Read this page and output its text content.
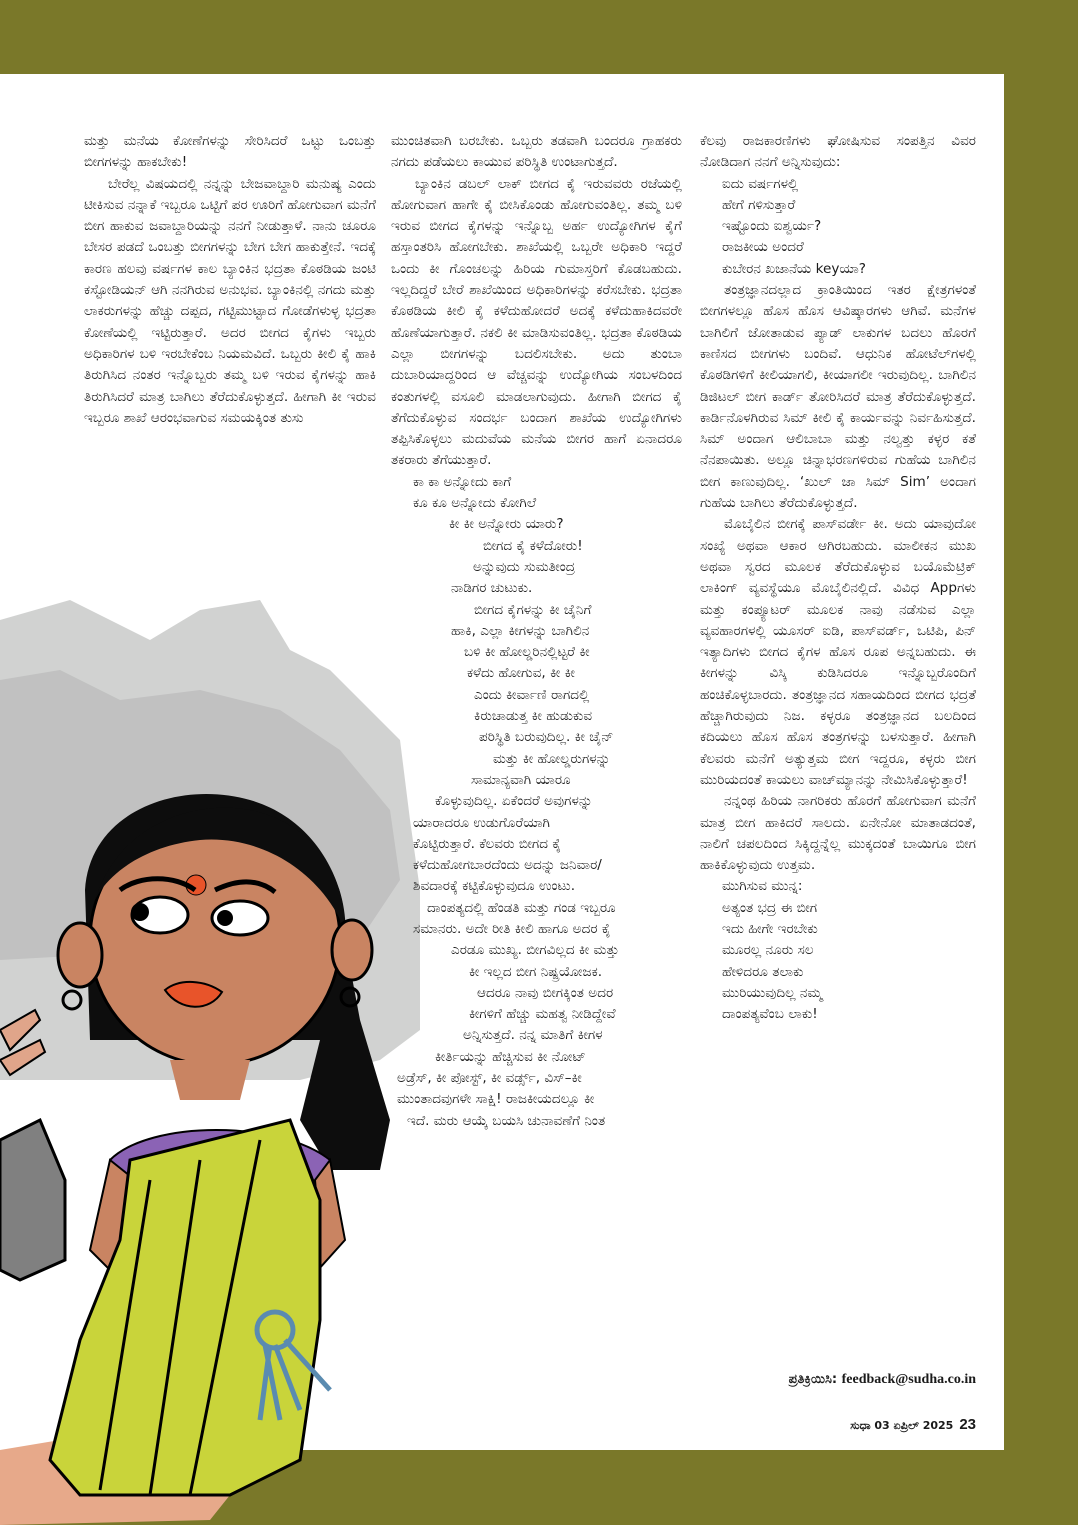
ಮತ್ತು ಮನೆಯ ಕೋಣೆಗಳನ್ನು ಸೇರಿಸಿದರೆ ಒಟ್ಟು ಒಂಬತ್ತು ಬೀಗಗಳನ್ನು ಹಾಕಬೇಕು!

ಬೇರೆಲ್ಲ ವಿಷಯದಲ್ಲಿ ನನ್ನನ್ನು ಬೇಜವಾಬ್ದಾರಿ ಮನುಷ್ಯ ಎಂದು ಟೀಕಿಸುವ ನನ್ನಾಕೆ ಇಬ್ಬರೂ ಒಟ್ಟಿಗೆ ಪರ ಊರಿಗೆ ಹೋಗುವಾಗ ಮನೆಗೆ ಬೀಗ ಹಾಕುವ ಜವಾಬ್ದಾರಿಯನ್ನು ನನಗೆ ನೀಡುತ್ತಾಳೆ. ನಾನು ಚೂರೂ ಬೇಸರ ಪಡದೆ ಒಂಬತ್ತು ಬೀಗಗಳನ್ನು ಬೇಗ ಬೇಗ ಹಾಕುತ್ತೇನೆ. ಇದಕ್ಕೆ ಕಾರಣ ಹಲವು ವರ್ಷಗಳ ಕಾಲ ಬ್ಯಾಂಕಿನ ಭದ್ರತಾ ಕೊಠಡಿಯ ಜಂಟಿ ಕಸ್ಟೋಡಿಯನ್ ಆಗಿ ನನಗಿರುವ ಅನುಭವ. ಬ್ಯಾಂಕಿನಲ್ಲಿ ನಗದು ಮತ್ತು ಲಾಕರುಗಳನ್ನು ಹೆಚ್ಚು ದಪ್ಪದ, ಗಟ್ಟಿಮುಟ್ಟಾದ ಗೋಡೆಗಳುಳ್ಳ ಭದ್ರತಾ ಕೋಣೆಯಲ್ಲಿ ಇಟ್ಟಿರುತ್ತಾರೆ. ಅದರ ಬೀಗದ ಕೈಗಳು ಇಬ್ಬರು ಅಧಿಕಾರಿಗಳ ಬಳಿ ಇರಬೇಕೆಂಬ ನಿಯಮವಿದೆ. ಒಬ್ಬರು ಕೀಲಿ ಕೈ ಹಾಕಿ ತಿರುಗಿಸಿದ ನಂತರ ಇನ್ನೊಬ್ಬರು ತಮ್ಮ ಬಳಿ ಇರುವ ಕೈಗಳನ್ನು ಹಾಕಿ ತಿರುಗಿಸಿದರೆ ಮಾತ್ರ ಬಾಗಿಲು ತೆರೆದುಕೊಳ್ಳುತ್ತದೆ. ಹೀಗಾಗಿ ಕೀ ಇರುವ ಇಬ್ಬರೂ ಶಾಖೆ ಆರಂಭವಾಗುವ ಸಮಯಕ್ಕಿಂತ ತುಸು

ಮುಂಚಿತವಾಗಿ ಬರಬೇಕು. ಒಬ್ಬರು ತಡವಾಗಿ ಬಂದರೂ ಗ್ರಾಹಕರು ನಗದು ಪಡೆಯಲು ಕಾಯುವ ಪರಿಸ್ಥಿತಿ ಉಂಟಾಗುತ್ತದೆ.

ಬ್ಯಾಂಕಿನ ಡಬಲ್ ಲಾಕ್ ಬೀಗದ ಕೈ ಇರುವವರು ರಜೆಯಲ್ಲಿ ಹೋಗುವಾಗ ಹಾಗೇ ಕೈ ಬೀಸಿಕೊಂಡು ಹೋಗುವಂತಿಲ್ಲ. ತಮ್ಮ ಬಳಿ ಇರುವ ಬೀಗದ ಕೈಗಳನ್ನು ಇನ್ನೊಬ್ಬ ಅರ್ಹ ಉದ್ಯೋಗಿಗಳ ಕೈಗೆ ಹಸ್ತಾಂತರಿಸಿ ಹೋಗಬೇಕು. ಶಾಖೆಯಲ್ಲಿ ಒಬ್ಬರೇ ಅಧಿಕಾರಿ ಇದ್ದರೆ ಒಂದು ಕೀ ಗೊಂಚಲನ್ನು ಹಿರಿಯ ಗುಮಾಸ್ತರಿಗೆ ಕೊಡಬಹುದು. ಇಲ್ಲದಿದ್ದರೆ ಬೇರೆ ಶಾಖೆಯಿಂದ ಅಧಿಕಾರಿಗಳನ್ನು ಕರೆಸಬೇಕು. ಭದ್ರತಾ ಕೊಠಡಿಯ ಕೀಲಿ ಕೈ ಕಳೆದುಹೋದರೆ ಅದಕ್ಕೆ ಕಳೆದುಹಾಕಿದವರೇ ಹೊಣೆಯಾಗುತ್ತಾರೆ. ನಕಲಿ ಕೀ ಮಾಡಿಸುವಂತಿಲ್ಲ. ಭದ್ರತಾ ಕೊಠಡಿಯ ಎಲ್ಲಾ ಬೀಗಗಳನ್ನು ಬದಲಿಸಬೇಕು. ಅದು ತುಂಬಾ ದುಬಾರಿಯಾದ್ದರಿಂದ ಆ ವೆಚ್ಚವನ್ನು ಉದ್ಯೋಗಿಯ ಸಂಬಳದಿಂದ ಕಂತುಗಳಲ್ಲಿ ವಸೂಲಿ ಮಾಡಲಾಗುವುದು. ಹೀಗಾಗಿ ಬೀಗದ ಕೈ ತೆಗೆದುಕೊಳ್ಳುವ ಸಂದರ್ಭ ಬಂದಾಗ ಶಾಖೆಯ ಉದ್ಯೋಗಿಗಳು ತಪ್ಪಿಸಿಕೊಳ್ಳಲು ಮದುವೆಯ ಮನೆಯ ಬೀಗರ ಹಾಗೆ ಏನಾದರೂ ತಕರಾರು ತೆಗೆಯುತ್ತಾರೆ.

ಕಾ ಕಾ ಅನ್ನೋದು ಕಾಗೆ
ಕೂ ಕೂ ಅನ್ನೋದು ಕೋಗಿಲೆ
ಕೀ ಕೀ ಅನ್ನೋರು ಯಾರು?
ಬೀಗದ ಕೈ ಕಳೆದೋರು!
ಅನ್ನುವುದು ಸುಮತೀಂದ್ರ
ನಾಡಿಗರ ಚುಟುಕು.
ಬೀಗದ ಕೈಗಳನ್ನು ಕೀ ಚೈನಿಗೆ
ಹಾಕಿ, ಎಲ್ಲಾ ಕೀಗಳನ್ನು ಬಾಗಿಲಿನ
ಬಳಿ ಕೀ ಹೋಲ್ಡರಿನಲ್ಲಿಟ್ಟರೆ ಕೀ
ಕಳೆದು ಹೋಗುವ, ಕೀ ಕೀ
ಎಂದು ಕೀರ್ವಾಣಿ ರಾಗದಲ್ಲಿ
ಕಿರುಚಾಡುತ್ತ ಕೀ ಹುಡುಕುವ
ಪರಿಸ್ಥಿತಿ ಬರುವುದಿಲ್ಲ. ಕೀ ಚೈನ್
ಮತ್ತು ಕೀ ಹೋಲ್ಡರುಗಳನ್ನು
ಸಾಮಾನ್ಯವಾಗಿ ಯಾರೂ
ಕೊಳ್ಳುವುದಿಲ್ಲ. ಏಕೆಂದರೆ ಅವುಗಳನ್ನು
ಯಾರಾದರೂ ಉಡುಗೊರೆಯಾಗಿ
ಕೊಟ್ಟಿರುತ್ತಾರೆ. ಕೆಲವರು ಬೀಗದ ಕೈ
ಕಳೆದುಹೋಗಬಾರದೆಂದು ಅದನ್ನು ಜನಿವಾರ/
ಶಿವದಾರಕ್ಕೆ ಕಟ್ಟಿಕೊಳ್ಳುವುದೂ ಉಂಟು.
ದಾಂಪತ್ಯದಲ್ಲಿ ಹೆಂಡತಿ ಮತ್ತು ಗಂಡ ಇಬ್ಬರೂ
ಸಮಾನರು. ಅದೇ ರೀತಿ ಕೀಲಿ ಹಾಗೂ ಅದರ ಕೈ
ಎರಡೂ ಮುಖ್ಯ. ಬೀಗವಿಲ್ಲದ ಕೀ ಮತ್ತು
ಕೀ ಇಲ್ಲದ ಬೀಗ ನಿಷ್ಪ್ರಯೋಜಕ.
ಆದರೂ ನಾವು ಬೀಗಕ್ಕಿಂತ ಅದರ
ಕೀಗಳಿಗೆ ಹೆಚ್ಚು ಮಹತ್ವ ನೀಡಿದ್ದೇವೆ
ಅನ್ನಿಸುತ್ತದೆ. ನನ್ನ ಮಾತಿಗೆ ಕೀಗಳ
ಕೀರ್ತಿಯನ್ನು ಹೆಚ್ಚಿಸುವ ಕೀ ನೋಟ್
ಅಡ್ರೆಸ್, ಕೀ ಪೋಸ್ಟ್, ಕೀ ವರ್ಡ್ಸ್, ವಿಸ್–ಕೀ
ಮುಂತಾದವುಗಳೇ ಸಾಕ್ಷಿ! ರಾಜಕೀಯದಲ್ಲೂ ಕೀ
ಇದೆ. ಮರು ಆಯ್ಕೆ ಬಯಸಿ ಚುನಾವಣೆಗೆ ನಿಂತ

ಕೆಲವು ರಾಜಕಾರಣಿಗಳು ಘೋಷಿಸುವ ಸಂಪತ್ತಿನ ವಿವರ ನೋಡಿದಾಗ ನನಗೆ ಅನ್ನಿಸುವುದು:

ಐದು ವರ್ಷಗಳಲ್ಲಿ
ಹೇಗೆ ಗಳಿಸುತ್ತಾರೆ
ಇಷ್ಟೊಂದು ಐಶ್ವರ್ಯ?
ರಾಜಕೀಯ ಅಂದರೆ
ಕುಬೇರನ ಖಜಾನೆಯ keyಯಾ?

ತಂತ್ರಜ್ಞಾನದಲ್ಲಾದ ಕ್ರಾಂತಿಯಿಂದ ಇತರ ಕ್ಷೇತ್ರಗಳಂತೆ ಬೀಗಗಳಲ್ಲೂ ಹೊಸ ಹೊಸ ಆವಿಷ್ಕಾರಗಳು ಆಗಿವೆ. ಮನೆಗಳ ಬಾಗಿಲಿಗೆ ಜೋತಾಡುವ ಪ್ಯಾಡ್ ಲಾಕುಗಳ ಬದಲು ಹೊರಗೆ ಕಾಣಿಸದ ಬೀಗಗಳು ಬಂದಿವೆ. ಆಧುನಿಕ ಹೋಟೆಲ್‌ಗಳಲ್ಲಿ ಕೊಠಡಿಗಳಿಗೆ ಕೀಲಿಯಾಗಲಿ, ಕೀಯಾಗಲೀ ಇರುವುದಿಲ್ಲ. ಬಾಗಿಲಿನ ಡಿಜಿಟಲ್ ಬೀಗ ಕಾರ್ಡ್ ತೋರಿಸಿದರೆ ಮಾತ್ರ ತೆರೆದುಕೊಳ್ಳುತ್ತದೆ. ಕಾರ್ಡಿನೊಳಗಿರುವ ಸಿಮ್ ಕೀಲಿ ಕೈ ಕಾರ್ಯವನ್ನು ನಿರ್ವಹಿಸುತ್ತದೆ. ಸಿಮ್ ಅಂದಾಗ ಆಲಿಬಾಬಾ ಮತ್ತು ನಲ್ವತ್ತು ಕಳ್ಳರ ಕತೆ ನೆನಪಾಯಿತು. ಅಲ್ಲೂ ಚಿನ್ನಾಭರಣಗಳಿರುವ ಗುಹೆಯ ಬಾಗಿಲಿನ ಬೀಗ ಕಾಣುವುದಿಲ್ಲ. ‘ಖುಲ್ ಜಾ ಸಿಮ್ Sim’ ಅಂದಾಗ ಗುಹೆಯ ಬಾಗಿಲು ತೆರೆದುಕೊಳ್ಳುತ್ತದೆ.

ಮೊಬೈಲಿನ ಬೀಗಕ್ಕೆ ಪಾಸ್‌ವರ್ಡೇ ಕೀ. ಅದು ಯಾವುದೋ ಸಂಖ್ಯೆ ಅಥವಾ ಆಕಾರ ಆಗಿರಬಹುದು. ಮಾಲೀಕನ ಮುಖ ಅಥವಾ ಸ್ವರದ ಮೂಲಕ ತೆರೆದುಕೊಳ್ಳುವ ಬಯೊಮೆಟ್ರಿಕ್ ಲಾಕಿಂಗ್ ವ್ಯವಸ್ಥೆಯೂ ಮೊಬೈಲಿನಲ್ಲಿದೆ. ವಿವಿಧ Appಗಳು ಮತ್ತು ಕಂಪ್ಯೂಟರ್ ಮೂಲಕ ನಾವು ನಡೆಸುವ ಎಲ್ಲಾ ವ್ಯವಹಾರಗಳಲ್ಲಿ ಯೂಸರ್ ಐಡಿ, ಪಾಸ್‌ವರ್ಡ್, ಒಟಿಪಿ, ಪಿನ್ ಇತ್ಯಾದಿಗಳು ಬೀಗದ ಕೈಗಳ ಹೊಸ ರೂಪ ಅನ್ನಬಹುದು. ಈ ಕೀಗಳನ್ನು ವಿಸ್ಕಿ ಕುಡಿಸಿದರೂ ಇನ್ನೊಬ್ಬರೊಂದಿಗೆ ಹಂಚಿಕೊಳ್ಳಬಾರದು. ತಂತ್ರಜ್ಞಾನದ ಸಹಾಯದಿಂದ ಬೀಗದ ಭದ್ರತೆ ಹೆಚ್ಚಾಗಿರುವುದು ನಿಜ. ಕಳ್ಳರೂ ತಂತ್ರಜ್ಞಾನದ ಬಲದಿಂದ ಕದಿಯಲು ಹೊಸ ಹೊಸ ತಂತ್ರಗಳನ್ನು ಬಳಸುತ್ತಾರೆ. ಹೀಗಾಗಿ ಕೆಲವರು ಮನೆಗೆ ಅತ್ಯುತ್ತಮ ಬೀಗ ಇದ್ದರೂ, ಕಳ್ಳರು ಬೀಗ ಮುರಿಯದಂತೆ ಕಾಯಲು ವಾಚ್‌ಮ್ಯಾನನ್ನು ನೇಮಿಸಿಕೊಳ್ಳುತ್ತಾರೆ!

ನನ್ನಂಥ ಹಿರಿಯ ನಾಗರಿಕರು ಹೊರಗೆ ಹೋಗುವಾಗ ಮನೆಗೆ ಮಾತ್ರ ಬೀಗ ಹಾಕಿದರೆ ಸಾಲದು. ಏನೇನೋ ಮಾತಾಡದಂತೆ, ನಾಲಿಗೆ ಚಪಲದಿಂದ ಸಿಕ್ಕಿದ್ದನ್ನೆಲ್ಲ ಮುಕ್ಕದಂತೆ ಬಾಯಿಗೂ ಬೀಗ ಹಾಕಿಕೊಳ್ಳುವುದು ಉತ್ತಮ.

ಮುಗಿಸುವ ಮುನ್ನ:
ಅತ್ಯಂತ ಭದ್ರ ಈ ಬೀಗ
ಇದು ಹೀಗೇ ಇರಬೇಕು
ಮೂರಲ್ಲ ನೂರು ಸಲ
ಹೇಳಿದರೂ ತಲಾಕು
ಮುರಿಯುವುದಿಲ್ಲ ನಮ್ಮ
ದಾಂಪತ್ಯವೆಂಬ ಲಾಕು!
ಪ್ರತಿಕ್ರಿಯಿಸಿ: feedback@sudha.co.in
ಸುಧಾ 03 ಏಪ್ರಿಲ್ 2025 23
